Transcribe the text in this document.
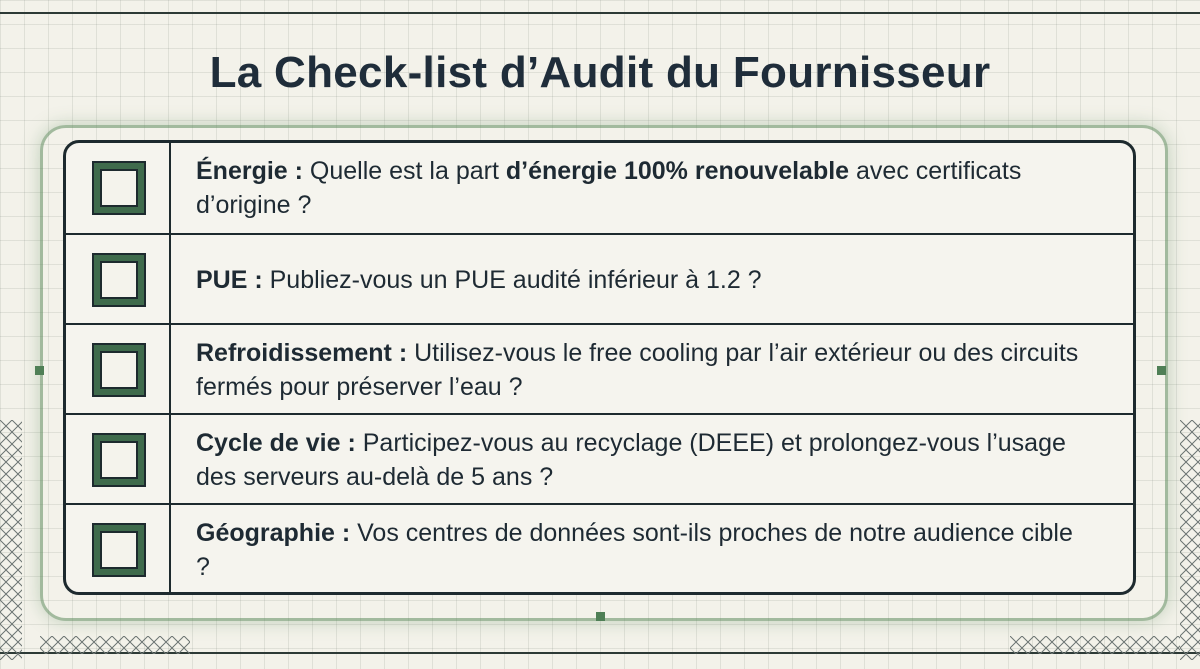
La Check-list d’Audit du Fournisseur
Énergie : Quelle est la part d’énergie 100% renouvelable avec certificats d’origine ?
PUE : Publiez-vous un PUE audité inférieur à 1.2 ?
Refroidissement : Utilisez-vous le free cooling par l’air extérieur ou des circuits fermés pour préserver l’eau ?
Cycle de vie : Participez-vous au recyclage (DEEE) et prolongez-vous l’usage des serveurs au-delà de 5 ans ?
Géographie : Vos centres de données sont-ils proches de notre audience cible ?
